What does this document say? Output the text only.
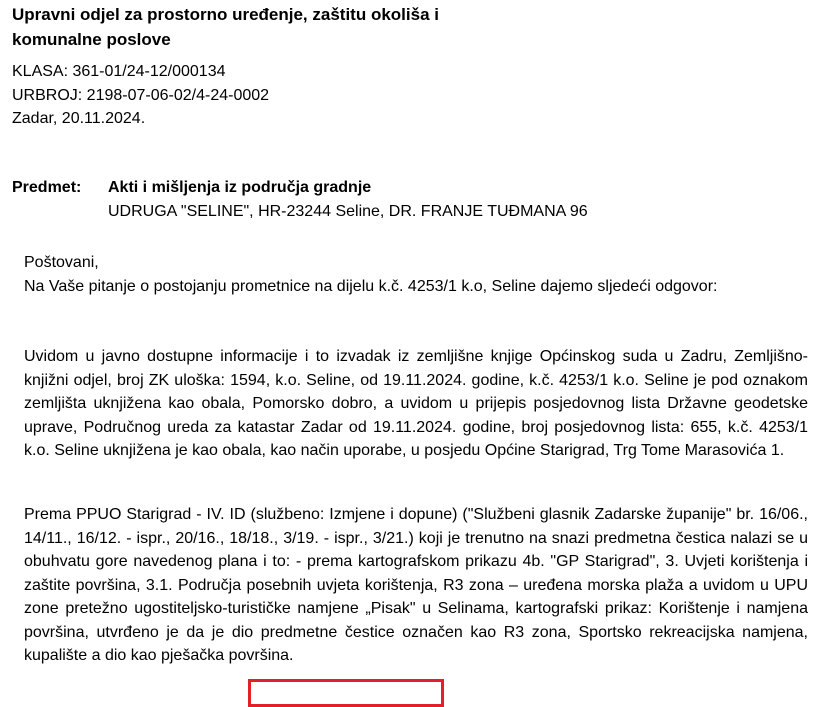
Upravni odjel za prostorno uređenje, zaštitu okoliša i
komunalne poslove
KLASA: 361-01/24-12/000134
URBROJ: 2198-07-06-02/4-24-0002
Zadar, 20.11.2024.
Predmet: Akti i mišljenja iz područja gradnje
UDRUGA "SELINE", HR-23244 Seline, DR. FRANJE TUĐMANA 96

Poštovani,

Na Vaše pitanje o postojanju prometnice na dijelu k.č. 4253/1 k.o, Seline dajemo sljedeći odgovor:

Uvidom u javno dostupne informacije i to izvadak iz zemljišne knjige Općinskog suda u Zadru, Zemljišno-knjižni odjel, broj ZK uloška: 1594, k.o. Seline, od 19.11.2024. godine, k.č. 4253/1 k.o. Seline je pod oznakom zemljišta uknjižena kao obala, Pomorsko dobro, a uvidom u prijepis posjedovnog lista Državne geodetske uprave, Područnog ureda za katastar Zadar od 19.11.2024. godine, broj posjedovnog lista: 655, k.č. 4253/1 k.o. Seline uknjižena je kao obala, kao način uporabe, u posjedu Općine Starigrad, Trg Tome Marasovića 1.

Prema PPUO Starigrad - IV. ID (službeno: Izmjene i dopune) ("Službeni glasnik Zadarske županije" br. 16/06., 14/11., 16/12. - ispr., 20/16., 18/18., 3/19. - ispr., 3/21.) koji je trenutno na snazi predmetna čestica nalazi se u obuhvatu gore navedenog plana i to: - prema kartografskom prikazu 4b. "GP Starigrad", 3. Uvjeti korištenja i zaštite površina, 3.1. Područja posebnih uvjeta korištenja, R3 zona – uređena morska plaža a uvidom u UPU zone pretežno ugostiteljsko-turističke namjene „Pisak" u Selinama, kartografski prikaz: Korištenje i namjena površina, utvrđeno je da je dio predmetne čestice označen kao R3 zona, Sportsko rekreacijska namjena, kupalište a dio kao pješačka površina.
